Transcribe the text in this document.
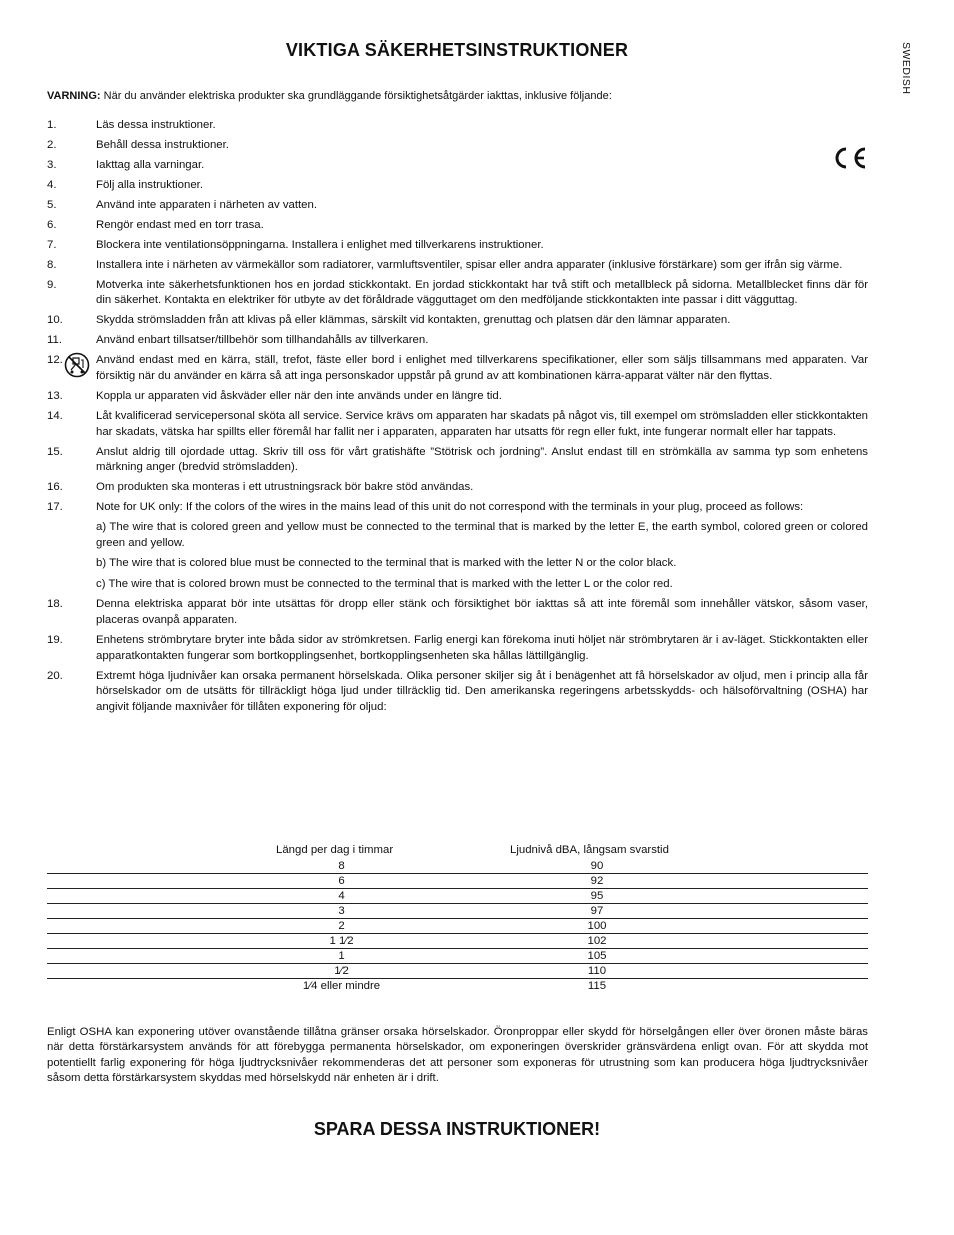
VIKTIGA SÄKERHETSINSTRUKTIONER	SWEDISH
VARNING: När du använder elektriska produkter ska grundläggande försiktighetsåtgärder iakttas, inklusive följande:
1.	Läs dessa instruktioner.
2.	Behåll dessa instruktioner.
3.	Iakttag alla varningar.
4.	Följ alla instruktioner.
5.	Använd inte apparaten i närheten av vatten.
6.	Rengör endast med en torr trasa.
7.	Blockera inte ventilationsöppningarna. Installera i enlighet med tillverkarens instruktioner.
8.	Installera inte i närheten av värmekällor som radiatorer, varmluftsventiler, spisar eller andra apparater (inklusive förstärkare) som ger ifrån sig värme.
9.	Motverka inte säkerhetsfunktionen hos en jordad stickkontakt. En jordad stickkontakt har två stift och metallbleck på sidorna. Metallblecket finns där för din säkerhet. Kontakta en elektriker för utbyte av det föråldrade vägguttaget om den medföljande stickkontakten inte passar i ditt vägguttag.
10.	Skydda strömsladden från att klivas på eller klämmas, särskilt vid kontakten, grenuttag och platsen där den lämnar apparaten.
11.	Använd enbart tillsatser/tillbehör som tillhandahålls av tillverkaren.
12.	Använd endast med en kärra, ställ, trefot, fäste eller bord i enlighet med tillverkarens specifikationer, eller som säljs tillsammans med apparaten. Var försiktig när du använder en kärra så att inga personskador uppstår på grund av att kombinationen kärra-apparat välter när den flyttas.
13.	Koppla ur apparaten vid åskväder eller när den inte används under en längre tid.
14.	Låt kvalificerad servicepersonal sköta all service. Service krävs om apparaten har skadats på något vis, till exempel om strömsladden eller stickkontakten har skadats, vätska har spillts eller föremål har fallit ner i apparaten, apparaten har utsatts för regn eller fukt, inte fungerar normalt eller har tappats.
15.	Anslut aldrig till ojordade uttag. Skriv till oss för vårt gratishäfte ”Stötrisk och jordning”. Anslut endast till en strömkälla av samma typ som enhetens märkning anger (bredvid strömsladden).
16.	Om produkten ska monteras i ett utrustningsrack bör bakre stöd användas.
17.	Note for UK only: If the colors of the wires in the mains lead of this unit do not correspond with the terminals in your plug, proceed as follows:
a) The wire that is colored green and yellow must be connected to the terminal that is marked by the letter E, the earth symbol, colored green or colored green and yellow.
b) The wire that is colored blue must be connected to the terminal that is marked with the letter N or the color black.
c) The wire that is colored brown must be connected to the terminal that is marked with the letter L or the color red.
18.	Denna elektriska apparat bör inte utsättas för dropp eller stänk och försiktighet bör iakttas så att inte föremål som innehåller vätskor, såsom vaser, placeras ovanpå apparaten.
19.	Enhetens strömbrytare bryter inte båda sidor av strömkretsen. Farlig energi kan förekoma inuti höljet när strömbrytaren är i av-läget. Stickkontakten eller apparatkontakten fungerar som bortkopplingsenhet, bortkopplingsenheten ska hållas lättillgänglig.
20.	Extremt höga ljudnivåer kan orsaka permanent hörselskada. Olika personer skiljer sig åt i benägenhet att få hörselskador av oljud, men i princip alla får hörselskador om de utsätts för tillräckligt höga ljud under tillräcklig tid. Den amerikanska regeringens arbetsskydds- och hälsoförvaltning (OSHA) har angivit följande maxnivåer för tillåten exponering för oljud:
Längd per dag i timmar	Ljudnivå dBA, långsam svarstid
8	90
6	92
4	95
3	97
2	100
1 1⁄2	102
1	105
1⁄2	110
1⁄4 eller mindre	115
Enligt OSHA kan exponering utöver ovanstående tillåtna gränser orsaka hörselskador. Öronproppar eller skydd för hörselgången eller över öronen måste bäras när detta förstärkarsystem används för att förebygga permanenta hörselskador, om exponeringen överskrider gränsvärdena enligt ovan. För att skydda mot potentiellt farlig exponering för höga ljudtrycksnivåer rekommenderas det att personer som exponeras för utrustning som kan producera höga ljudtrycksnivåer såsom detta förstärkarsystem skyddas med hörselskydd när enheten är i drift.
SPARA DESSA INSTRUKTIONER!
